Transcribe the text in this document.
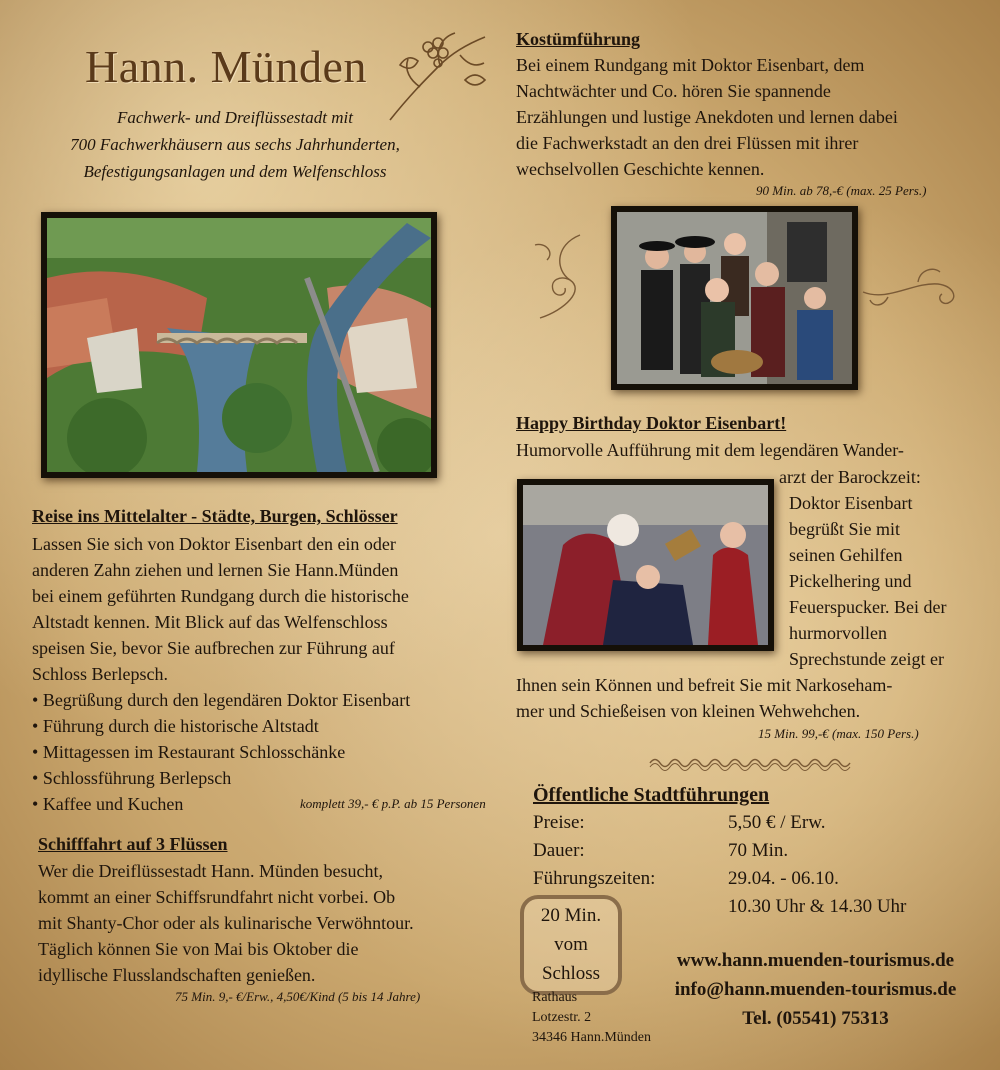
Hann. Münden
Fachwerk- und Dreiflüssestadt mit
700 Fachwerkhäusern aus sechs Jahrhunderten,
Befestigungsanlagen und dem Welfenschloss
Reise ins Mittelalter - Städte, Burgen, Schlösser
Lassen Sie sich von Doktor Eisenbart den ein oder
anderen Zahn ziehen und lernen Sie Hann.Münden
bei einem geführten Rundgang durch die historische
Altstadt kennen. Mit Blick auf das Welfenschloss
speisen Sie, bevor Sie aufbrechen zur Führung auf
Schloss Berlepsch.
• Begrüßung durch den legendären Doktor Eisenbart
• Führung durch die historische Altstadt
• Mittagessen im Restaurant Schlosschänke
• Schlossführung Berlepsch
• Kaffee und Kuchen	komplett 39,- € p.P. ab 15 Personen
Schifffahrt auf 3 Flüssen
Wer die Dreiflüssestadt Hann. Münden besucht,
kommt an einer Schiffsrundfahrt nicht vorbei. Ob
mit Shanty-Chor oder als kulinarische Verwöhntour.
Täglich können Sie von Mai bis Oktober die
idyllische Flusslandschaften genießen.
75 Min. 9,- €/Erw., 4,50€/Kind (5 bis 14 Jahre)
Kostümführung
Bei einem Rundgang mit Doktor Eisenbart, dem
Nachtwächter und Co. hören Sie spannende
Erzählungen und lustige Anekdoten und lernen dabei
die Fachwerkstadt an den drei Flüssen mit ihrer
wechselvollen Geschichte kennen.
90 Min. ab 78,-€ (max. 25 Pers.)
Happy Birthday Doktor Eisenbart!
Humorvolle Aufführung mit dem legendären Wander-
arzt der Barockzeit:
Doktor Eisenbart
begrüßt Sie mit
seinen Gehilfen
Pickelhering und
Feuerspucker. Bei der
hurmorvollen
Sprechstunde zeigt er
Ihnen sein Können und befreit Sie mit Narkoseham-
mer und Schießeisen von kleinen Wehwehchen.
15 Min. 99,-€ (max. 150 Pers.)
Öffentliche Stadtführungen
Preise:	5,50 € / Erw.
Dauer:	70 Min.
Führungszeiten:	29.04. - 06.10.
	10.30 Uhr & 14.30 Uhr
20 Min.
vom
Schloss
Rathaus
Lotzestr. 2
34346 Hann.Münden
www.hann.muenden-tourismus.de
info@hann.muenden-tourismus.de
Tel. (05541) 75313
